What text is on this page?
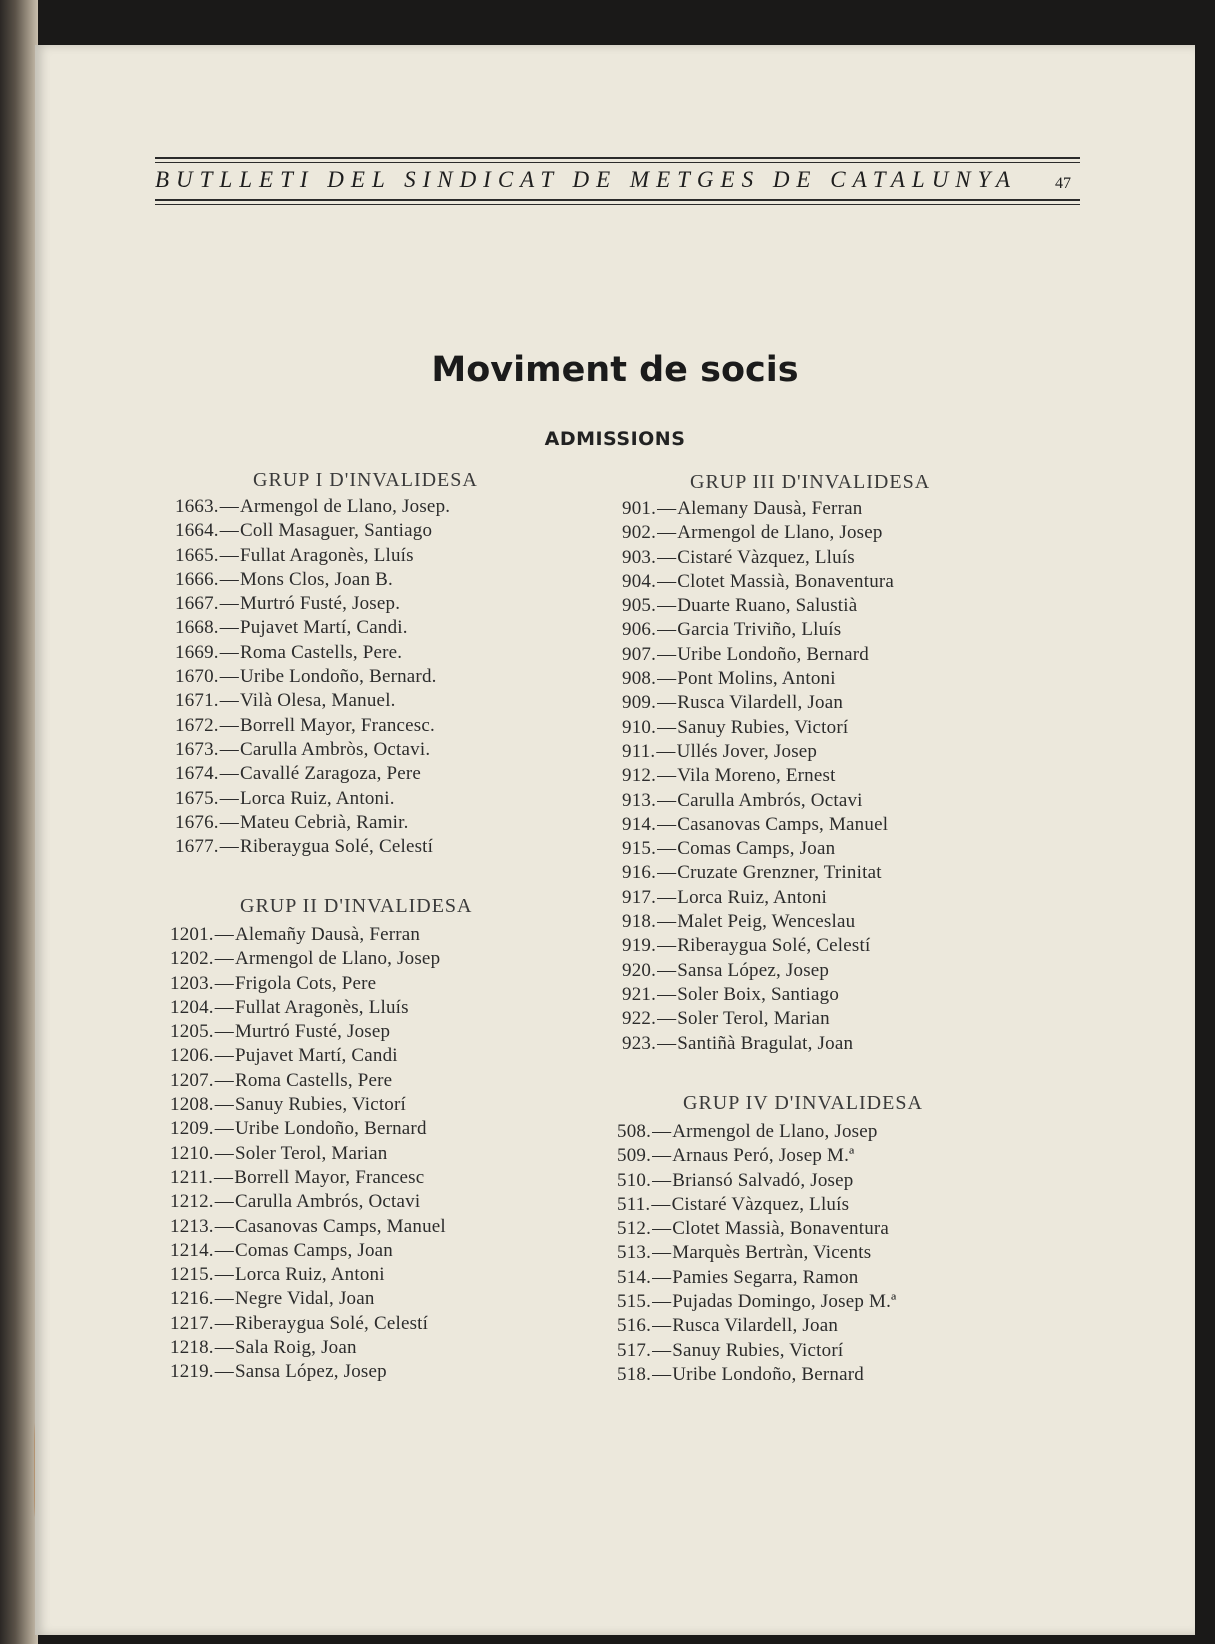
BUTLLETI DEL SINDICAT DE METGES DE CATALUNYA	47
Moviment de socis
ADMISSIONS
GRUP I D'INVALIDESA
1663.—Armengol de Llano, Josep.
1664.—Coll Masaguer, Santiago
1665.—Fullat Aragonès, Lluís
1666.—Mons Clos, Joan B.
1667.—Murtró Fusté, Josep.
1668.—Pujavet Martí, Candi.
1669.—Roma Castells, Pere.
1670.—Uribe Londoño, Bernard.
1671.—Vilà Olesa, Manuel.
1672.—Borrell Mayor, Francesc.
1673.—Carulla Ambròs, Octavi.
1674.—Cavallé Zaragoza, Pere
1675.—Lorca Ruiz, Antoni.
1676.—Mateu Cebrià, Ramir.
1677.—Riberaygua Solé, Celestí
GRUP II D'INVALIDESA
1201.—Alemañy Dausà, Ferran
1202.—Armengol de Llano, Josep
1203.—Frigola Cots, Pere
1204.—Fullat Aragonès, Lluís
1205.—Murtró Fusté, Josep
1206.—Pujavet Martí, Candi
1207.—Roma Castells, Pere
1208.—Sanuy Rubies, Victorí
1209.—Uribe Londoño, Bernard
1210.—Soler Terol, Marian
1211.—Borrell Mayor, Francesc
1212.—Carulla Ambrós, Octavi
1213.—Casanovas Camps, Manuel
1214.—Comas Camps, Joan
1215.—Lorca Ruiz, Antoni
1216.—Negre Vidal, Joan
1217.—Riberaygua Solé, Celestí
1218.—Sala Roig, Joan
1219.—Sansa López, Josep
GRUP III D'INVALIDESA
901.—Alemany Dausà, Ferran
902.—Armengol de Llano, Josep
903.—Cistaré Vàzquez, Lluís
904.—Clotet Massià, Bonaventura
905.—Duarte Ruano, Salustià
906.—Garcia Triviño, Lluís
907.—Uribe Londoño, Bernard
908.—Pont Molins, Antoni
909.—Rusca Vilardell, Joan
910.—Sanuy Rubies, Victorí
911.—Ullés Jover, Josep
912.—Vila Moreno, Ernest
913.—Carulla Ambrós, Octavi
914.—Casanovas Camps, Manuel
915.—Comas Camps, Joan
916.—Cruzate Grenzner, Trinitat
917.—Lorca Ruiz, Antoni
918.—Malet Peig, Wenceslau
919.—Riberaygua Solé, Celestí
920.—Sansa López, Josep
921.—Soler Boix, Santiago
922.—Soler Terol, Marian
923.—Santiñà Bragulat, Joan
GRUP IV D'INVALIDESA
508.—Armengol de Llano, Josep
509.—Arnaus Peró, Josep M.ª
510.—Briansó Salvadó, Josep
511.—Cistaré Vàzquez, Lluís
512.—Clotet Massià, Bonaventura
513.—Marquès Bertràn, Vicents
514.—Pamies Segarra, Ramon
515.—Pujadas Domingo, Josep M.ª
516.—Rusca Vilardell, Joan
517.—Sanuy Rubies, Victorí
518.—Uribe Londoño, Bernard
